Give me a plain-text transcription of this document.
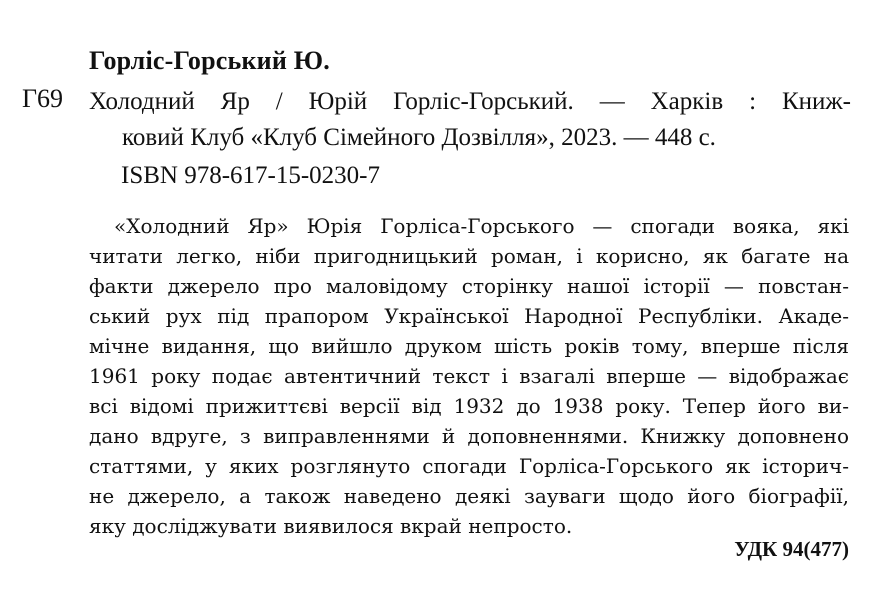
Горліс-Горський Ю.
Г69 Холодний Яр / Юрій Горліс-Горський. — Харків : Книж-
ковий Клуб «Клуб Сімейного Дозвілля», 2023. — 448 с.
ISBN 978-617-15-0230-7
«Холодний Яр» Юрія Горліса-Горського — спогади вояка, які
читати легко, ніби пригодницький роман, і корисно, як багате на
факти джерело про маловідому сторінку нашої історії — повстан-
ський рух під прапором Української Народної Республіки. Акаде-
мічне видання, що вийшло друком шість років тому, вперше після
1961 року подає автентичний текст і взагалі вперше — відображає
всі відомі прижиттєві версії від 1932 до 1938 року. Тепер його ви-
дано вдруге, з виправленнями й доповненнями. Книжку доповнено
статтями, у яких розглянуто спогади Горліса-Горського як історич-
не джерело, а також наведено деякі зауваги щодо його біографії,
яку досліджувати виявилося вкрай непросто.
УДК 94(477)
